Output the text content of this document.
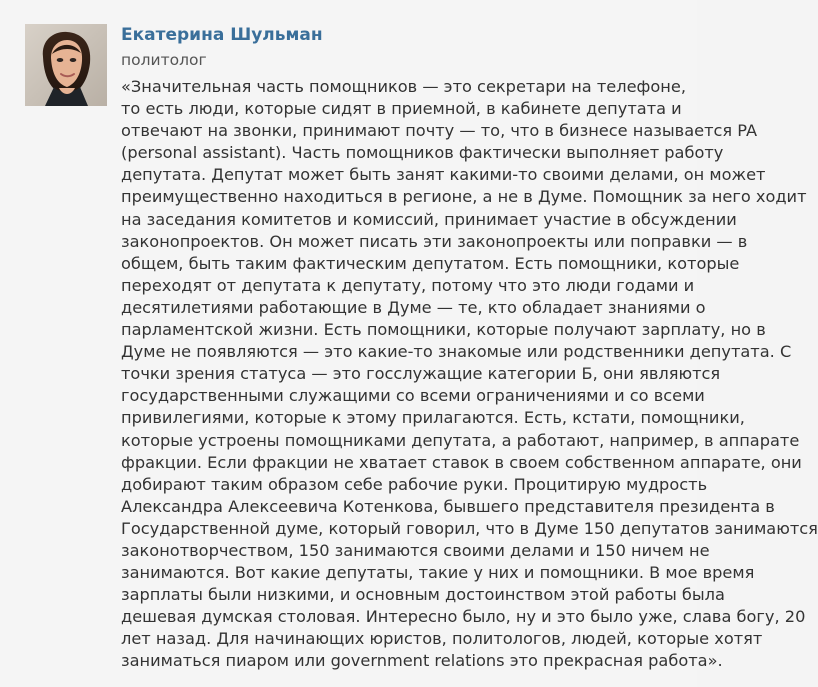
Екатерина Шульман
политолог

«Значительная часть помощников — это секретари на телефоне,
то есть люди, которые сидят в приемной, в кабинете депутата и
отвечают на звонки, принимают почту — то, что в бизнесе называется PA
(personal assistant). Часть помощников фактически выполняет работу
депутата. Депутат может быть занят какими-то своими делами, он может
преимущественно находиться в регионе, а не в Думе. Помощник за него ходит
на заседания комитетов и комиссий, принимает участие в обсуждении
законопроектов. Он может писать эти законопроекты или поправки — в
общем, быть таким фактическим депутатом. Есть помощники, которые
переходят от депутата к депутату, потому что это люди годами и
десятилетиями работающие в Думе — те, кто обладает знаниями о
парламентской жизни. Есть помощники, которые получают зарплату, но в
Думе не появляются — это какие-то знакомые или родственники депутата. С
точки зрения статуса — это госслужащие категории Б, они являются
государственными служащими со всеми ограничениями и со всеми
привилегиями, которые к этому прилагаются. Есть, кстати, помощники,
которые устроены помощниками депутата, а работают, например, в аппарате
фракции. Если фракции не хватает ставок в своем собственном аппарате, они
добирают таким образом себе рабочие руки. Процитирую мудрость
Александра Алексеевича Котенкова, бывшего представителя президента в
Государственной думе, который говорил, что в Думе 150 депутатов занимаются
законотворчеством, 150 занимаются своими делами и 150 ничем не
занимаются. Вот какие депутаты, такие у них и помощники. В мое время
зарплаты были низкими, и основным достоинством этой работы была
дешевая думская столовая. Интересно было, ну и это было уже, слава богу, 20
лет назад. Для начинающих юристов, политологов, людей, которые хотят
заниматься пиаром или government relations это прекрасная работа».
